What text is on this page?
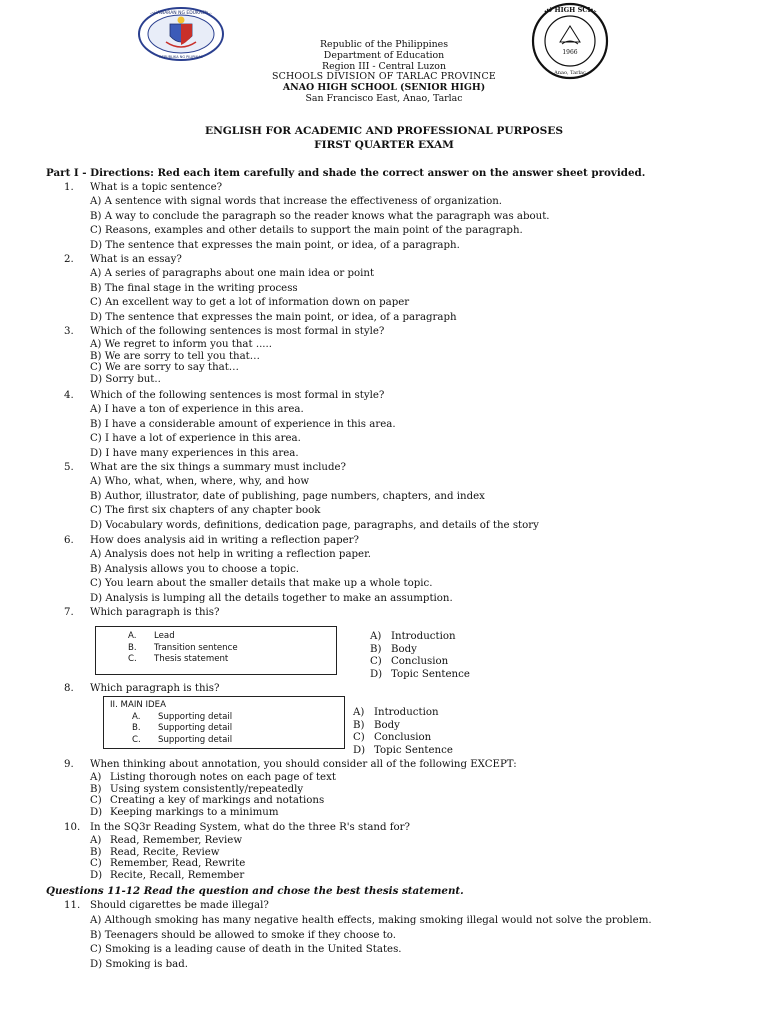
KAGAWARAN NG EDUKASYON
REPUBLIKA NG PILIPINAS
ANAO HIGH SCHOOL
1966
Anao, Tarlac
Republic of the Philippines
Department of Education
Region III - Central Luzon
SCHOOLS DIVISION OF TARLAC PROVINCE
ANAO HIGH SCHOOL (SENIOR HIGH)
San Francisco East, Anao, Tarlac
ENGLISH FOR ACADEMIC AND PROFESSIONAL PURPOSES
FIRST QUARTER EXAM
Part I - Directions: Red each item carefully and shade the correct answer on the answer sheet provided.
1. What is a topic sentence?
A) A sentence with signal words that increase the effectiveness of organization.
B) A way to conclude the paragraph so the reader knows what the paragraph was about.
C) Reasons, examples and other details to support the main point of the paragraph.
D) The sentence that expresses the main point, or idea, of a paragraph.
2. What is an essay?
A) A series of paragraphs about one main idea or point
B) The final stage in the writing process
C) An excellent way to get a lot of information down on paper
D) The sentence that expresses the main point, or idea, of a paragraph
3. Which of the following sentences is most formal in style?
A) We regret to inform you that .....
B) We are sorry to tell you that…
C) We are sorry to say that…
D) Sorry but..
4. Which of the following sentences is most formal in style?
A) I have a ton of experience in this area.
B) I have a considerable amount of experience in this area.
C) I have a lot of experience in this area.
D) I have many experiences in this area.
5. What are the six things a summary must include?
A) Who, what, when, where, why, and how
B) Author, illustrator, date of publishing, page numbers, chapters, and index
C) The first six chapters of any chapter book
D) Vocabulary words, definitions, dedication page, paragraphs, and details of the story
6. How does analysis aid in writing a reflection paper?
A) Analysis does not help in writing a reflection paper.
B) Analysis allows you to choose a topic.
C) You learn about the smaller details that make up a whole topic.
D) Analysis is lumping all the details together to make an assumption.
7. Which paragraph is this?
A. Lead
B. Transition sentence
C. Thesis statement
A) Introduction
B) Body
C) Conclusion
D) Topic Sentence
8. Which paragraph is this?
II. MAIN IDEA
A. Supporting detail
B. Supporting detail
C. Supporting detail
A) Introduction
B) Body
C) Conclusion
D) Topic Sentence
9. When thinking about annotation, you should consider all of the following EXCEPT:
A) Listing thorough notes on each page of text
B) Using system consistently/repeatedly
C) Creating a key of markings and notations
D) Keeping markings to a minimum
10. In the SQ3r Reading System, what do the three R's stand for?
A) Read, Remember, Review
B) Read, Recite, Review
C) Remember, Read, Rewrite
D) Recite, Recall, Remember
Questions 11-12 Read the question and chose the best thesis statement.
11. Should cigarettes be made illegal?
A) Although smoking has many negative health effects, making smoking illegal would not solve the problem.
B) Teenagers should be allowed to smoke if they choose to.
C) Smoking is a leading cause of death in the United States.
D) Smoking is bad.
